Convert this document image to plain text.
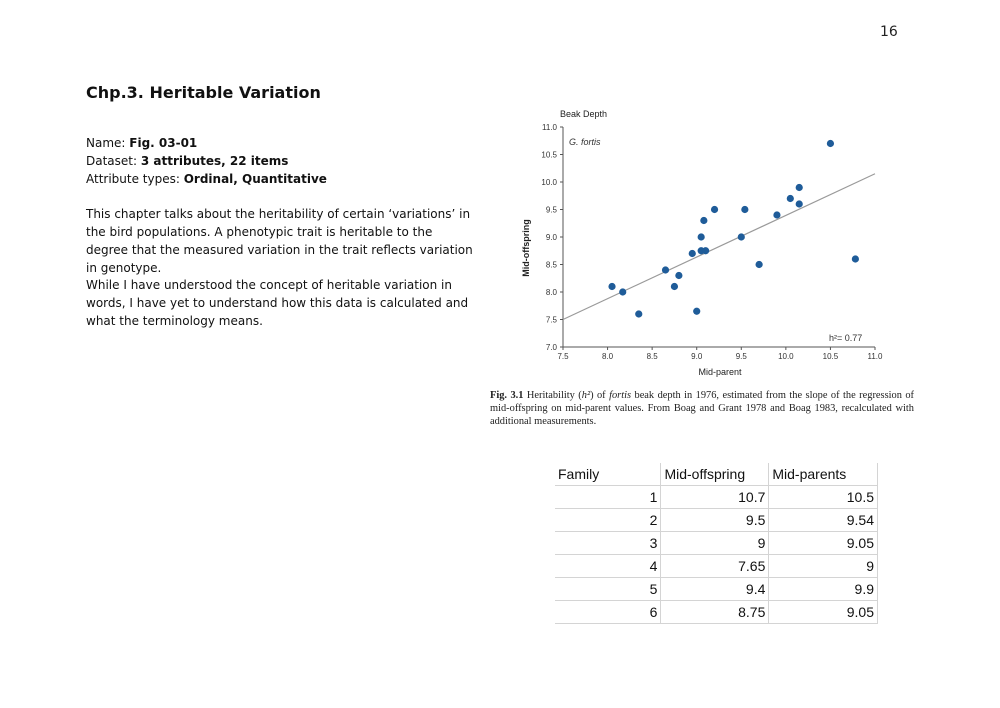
16
Chp.3. Heritable Variation
Name: Fig. 03-01
Dataset: 3 attributes, 22 items
Attribute types: Ordinal, Quantitative
This chapter talks about the heritability of certain ‘variations’ in the bird populations. A phenotypic trait is heritable to the degree that the measured variation in the trait reflects variation in genotype.
While I have understood the concept of heritable variation in words, I have yet to understand how this data is calculated and what the terminology means.
Beak Depth
G. fortis
h²= 0.77
Mid-parent
Mid-offspring
7.5	8.0	8.5	9.0	9.5	10.0	10.5	11.0
7.0
7.5
8.0
8.5
9.0
9.5
10.0
10.5
11.0
Fig. 3.1 Heritability (h²) of fortis beak depth in 1976, estimated from the slope of the regression of mid-offspring on mid-parent values. From Boag and Grant 1978 and Boag 1983, recalculated with additional measurements.
Family	Mid-offspring	Mid-parents
1	10.7	10.5
2	9.5	9.54
3	9	9.05
4	7.65	9
5	9.4	9.9
6	8.75	9.05
